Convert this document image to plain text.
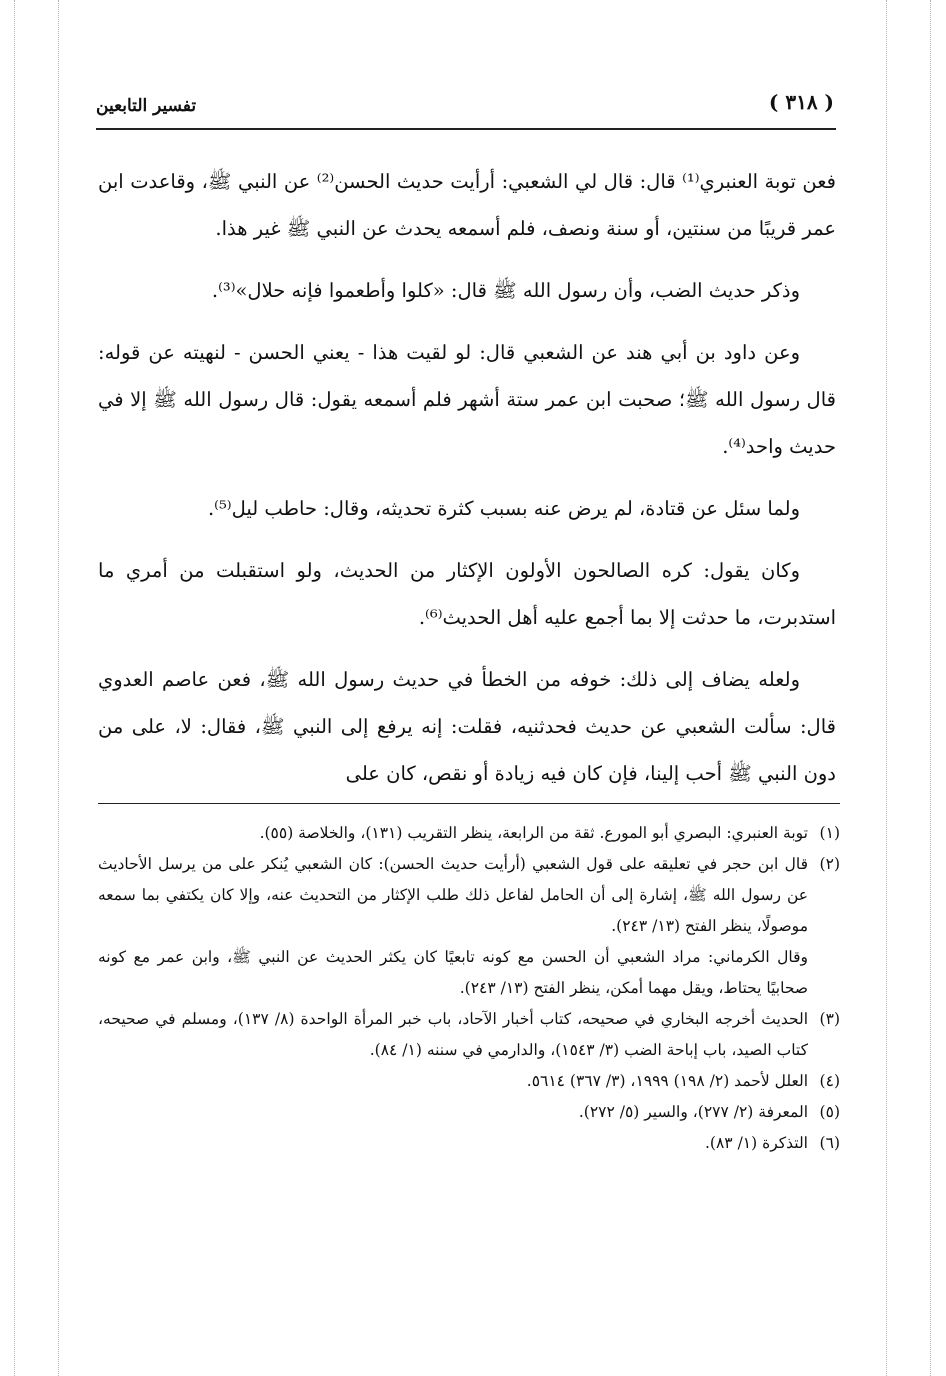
تفسير التابعين	( ٣١٨ )

فعن توبة العنبري⁽¹⁾ قال: قال لي الشعبي: أرأيت حديث الحسن⁽²⁾ عن النبي ﷺ، وقاعدت ابن عمر قريبًا من سنتين، أو سنة ونصف، فلم أسمعه يحدث عن النبي ﷺ غير هذا.

وذكر حديث الضب، وأن رسول الله ﷺ قال: «كلوا وأطعموا فإنه حلال»⁽³⁾.

وعن داود بن أبي هند عن الشعبي قال: لو لقيت هذا - يعني الحسن - لنهيته عن قوله: قال رسول الله ﷺ؛ صحبت ابن عمر ستة أشهر فلم أسمعه يقول: قال رسول الله ﷺ إلا في حديث واحد⁽⁴⁾.

ولما سئل عن قتادة، لم يرض عنه بسبب كثرة تحديثه، وقال: حاطب ليل⁽⁵⁾.

وكان يقول: كره الصالحون الأولون الإكثار من الحديث، ولو استقبلت من أمري ما استدبرت، ما حدثت إلا بما أجمع عليه أهل الحديث⁽⁶⁾.

ولعله يضاف إلى ذلك: خوفه من الخطأ في حديث رسول الله ﷺ، فعن عاصم العدوي قال: سألت الشعبي عن حديث فحدثنيه، فقلت: إنه يرفع إلى النبي ﷺ، فقال: لا، على من دون النبي ﷺ أحب إلينا، فإن كان فيه زيادة أو نقص، كان على

(١)
توبة العنبري: البصري أبو المورع. ثقة من الرابعة، ينظر التقريب (١٣١)، والخلاصة (٥٥).
(٢)
قال ابن حجر في تعليقه على قول الشعبي (أرأيت حديث الحسن): كان الشعبي يُنكر على من يرسل الأحاديث عن رسول الله ﷺ، إشارة إلى أن الحامل لفاعل ذلك طلب الإكثار من التحديث عنه، وإلا كان يكتفي بما سمعه موصولًا، ينظر الفتح (١٣/ ٢٤٣).
وقال الكرماني: مراد الشعبي أن الحسن مع كونه تابعيًا كان يكثر الحديث عن النبي ﷺ، وابن عمر مع كونه صحابيًا يحتاط، ويقل مهما أمكن، ينظر الفتح (١٣/ ٢٤٣).
(٣)
الحديث أخرجه البخاري في صحيحه، كتاب أخبار الآحاد، باب خبر المرأة الواحدة (٨/ ١٣٧)، ومسلم في صحيحه، كتاب الصيد، باب إباحة الضب (٣/ ١٥٤٣)، والدارمي في سننه (١/ ٨٤).
(٤)
العلل لأحمد (٢/ ١٩٨) ١٩٩٩، (٣/ ٣٦٧) ٥٦١٤.
(٥)
المعرفة (٢/ ٢٧٧)، والسير (٥/ ٢٧٢).
(٦)
التذكرة (١/ ٨٣).
